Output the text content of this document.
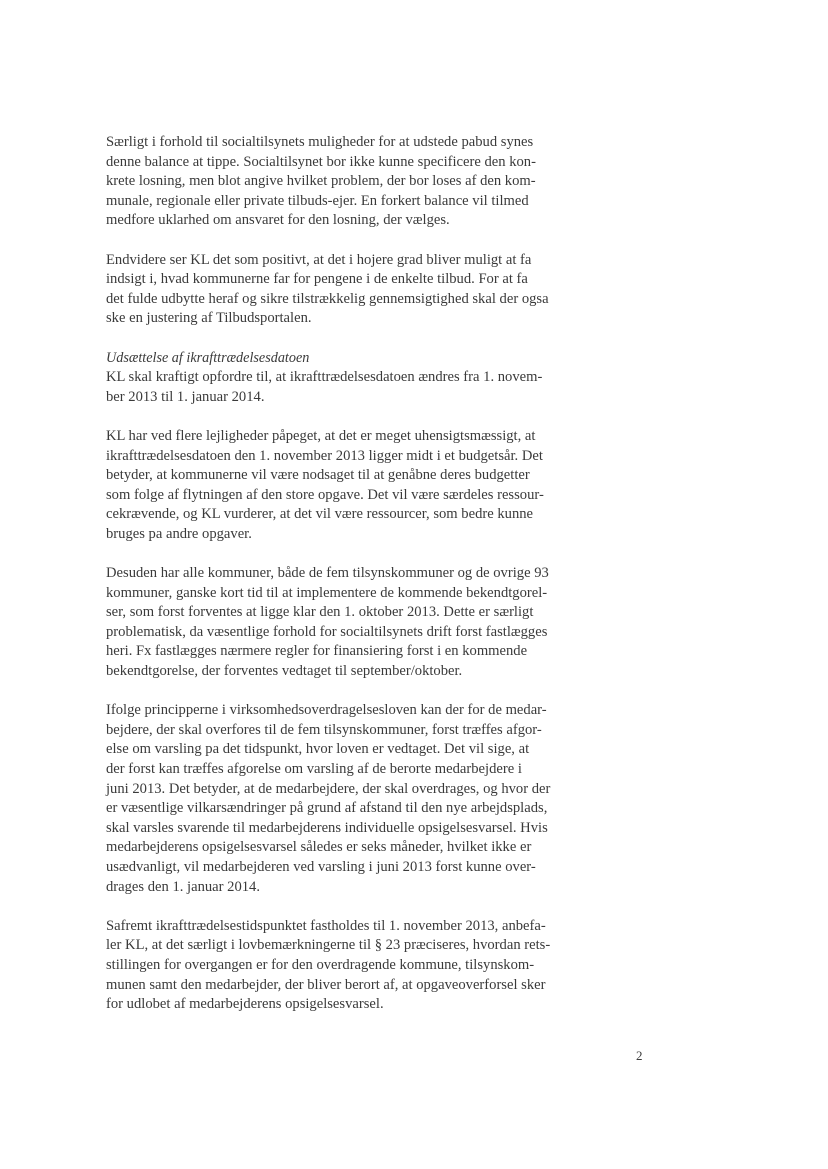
Særligt i forhold til socialtilsynets muligheder for at udstede pabud synes
denne balance at tippe. Socialtilsynet bor ikke kunne specificere den kon-
krete losning, men blot angive hvilket problem, der bor loses af den kom-
munale, regionale eller private tilbuds-ejer. En forkert balance vil tilmed
medfore uklarhed om ansvaret for den losning, der vælges.
Endvidere ser KL det som positivt, at det i hojere grad bliver muligt at fa
indsigt i, hvad kommunerne far for pengene i de enkelte tilbud. For at fa
det fulde udbytte heraf og sikre tilstrækkelig gennemsigtighed skal der ogsa
ske en justering af Tilbudsportalen.
Udsættelse af ikrafttrædelsesdatoen
KL skal kraftigt opfordre til, at ikrafttrædelsesdatoen ændres fra 1. novem-
ber 2013 til 1. januar 2014.
KL har ved flere lejligheder påpeget, at det er meget uhensigtsmæssigt, at
ikrafttrædelsesdatoen den 1. november 2013 ligger midt i et budgetsår. Det
betyder, at kommunerne vil være nodsaget til at genåbne deres budgetter
som folge af flytningen af den store opgave. Det vil være særdeles ressour-
cekrævende, og KL vurderer, at det vil være ressourcer, som bedre kunne
bruges pa andre opgaver.
Desuden har alle kommuner, både de fem tilsynskommuner og de ovrige 93
kommuner, ganske kort tid til at implementere de kommende bekendtgorel-
ser, som forst forventes at ligge klar den 1. oktober 2013. Dette er særligt
problematisk, da væsentlige forhold for socialtilsynets drift forst fastlægges
heri. Fx fastlægges nærmere regler for finansiering forst i en kommende
bekendtgorelse, der forventes vedtaget til september/oktober.
Ifolge principperne i virksomhedsoverdragelsesloven kan der for de medar-
bejdere, der skal overfores til de fem tilsynskommuner, forst træffes afgor-
else om varsling pa det tidspunkt, hvor loven er vedtaget. Det vil sige, at
der forst kan træffes afgorelse om varsling af de berorte medarbejdere i
juni 2013. Det betyder, at de medarbejdere, der skal overdrages, og hvor der
er væsentlige vilkarsændringer på grund af afstand til den nye arbejdsplads,
skal varsles svarende til medarbejderens individuelle opsigelsesvarsel. Hvis
medarbejderens opsigelsesvarsel således er seks måneder, hvilket ikke er
usædvanligt, vil medarbejderen ved varsling i juni 2013 forst kunne over-
drages den 1. januar 2014.
Safremt ikrafttrædelsestidspunktet fastholdes til 1. november 2013, anbefa-
ler KL, at det særligt i lovbemærkningerne til § 23 præciseres, hvordan rets-
stillingen for overgangen er for den overdragende kommune, tilsynskom-
munen samt den medarbejder, der bliver berort af, at opgaveoverforsel sker
for udlobet af medarbejderens opsigelsesvarsel.
2
